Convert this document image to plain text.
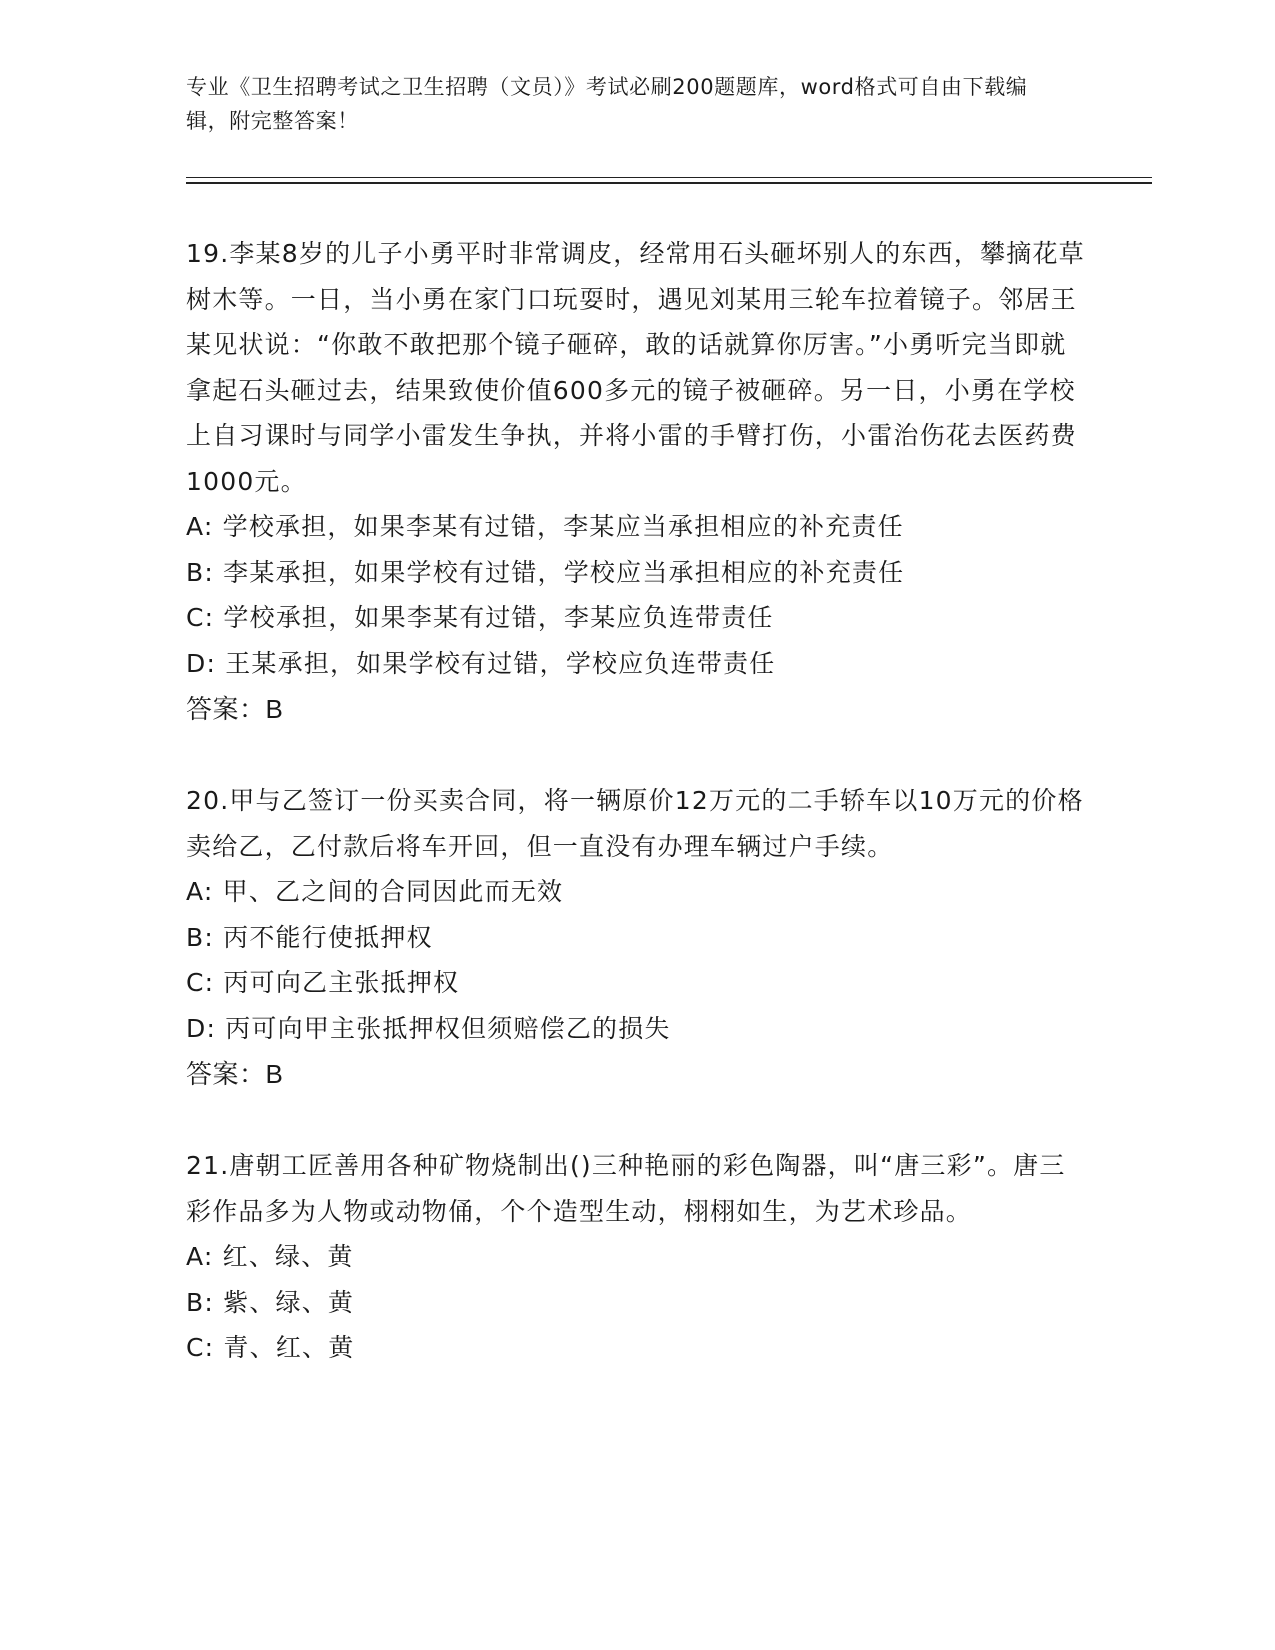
专业《卫生招聘考试之卫生招聘（文员）》考试必刷200题题库，word格式可自由下载编辑，附完整答案！

19.李某8岁的儿子小勇平时非常调皮，经常用石头砸坏别人的东西，攀摘花草树木等。一日，当小勇在家门口玩耍时，遇见刘某用三轮车拉着镜子。邻居王某见状说：“你敢不敢把那个镜子砸碎，敢的话就算你厉害。”小勇听完当即就拿起石头砸过去，结果致使价值600多元的镜子被砸碎。另一日，小勇在学校上自习课时与同学小雷发生争执，并将小雷的手臂打伤，小雷治伤花去医药费1000元。

A: 学校承担，如果李某有过错，李某应当承担相应的补充责任

B: 李某承担，如果学校有过错，学校应当承担相应的补充责任

C: 学校承担，如果李某有过错，李某应负连带责任

D: 王某承担，如果学校有过错，学校应负连带责任

答案：B

20.甲与乙签订一份买卖合同，将一辆原价12万元的二手轿车以10万元的价格卖给乙，乙付款后将车开回，但一直没有办理车辆过户手续。

A: 甲、乙之间的合同因此而无效

B: 丙不能行使抵押权

C: 丙可向乙主张抵押权

D: 丙可向甲主张抵押权但须赔偿乙的损失

答案：B

21.唐朝工匠善用各种矿物烧制出()三种艳丽的彩色陶器，叫“唐三彩”。唐三彩作品多为人物或动物俑，个个造型生动，栩栩如生，为艺术珍品。

A: 红、绿、黄

B: 紫、绿、黄

C: 青、红、黄
